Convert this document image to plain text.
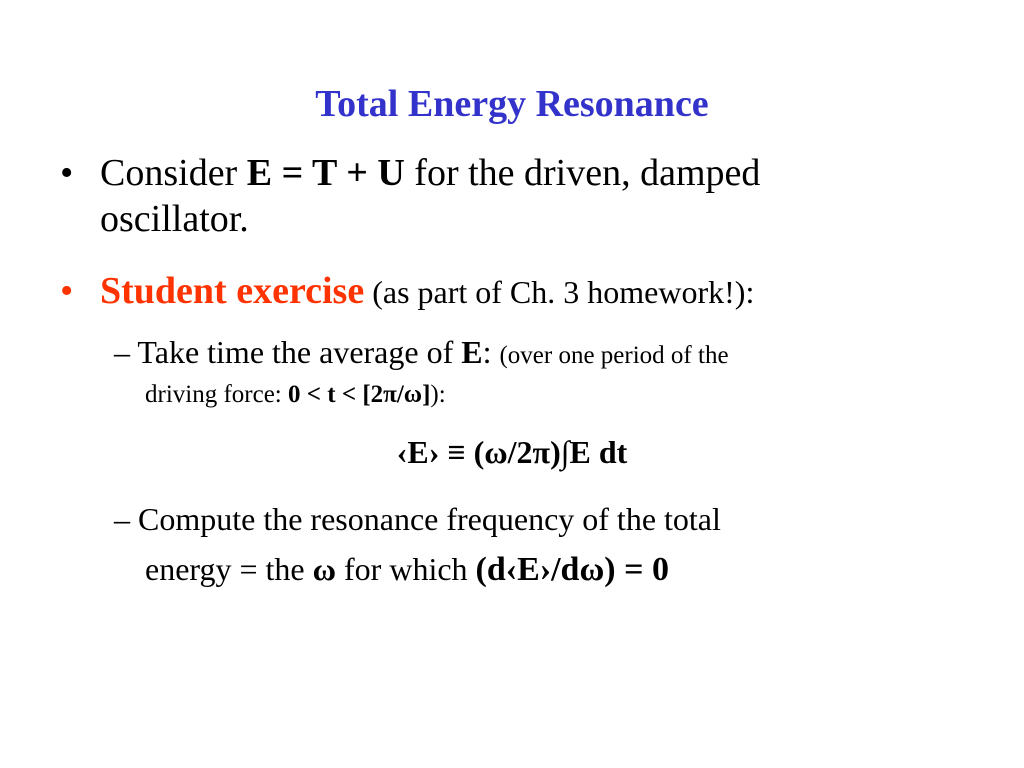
Total Energy Resonance
• Consider E = T + U for the driven, damped
oscillator.
• Student exercise (as part of Ch. 3 homework!):
– Take time the average of E: (over one period of the
driving force: 0 < t < [2π/ω]):
‹E› ≡ (ω/2π)∫E dt
– Compute the resonance frequency of the total
energy = the ω for which (d‹E›/dω) = 0
